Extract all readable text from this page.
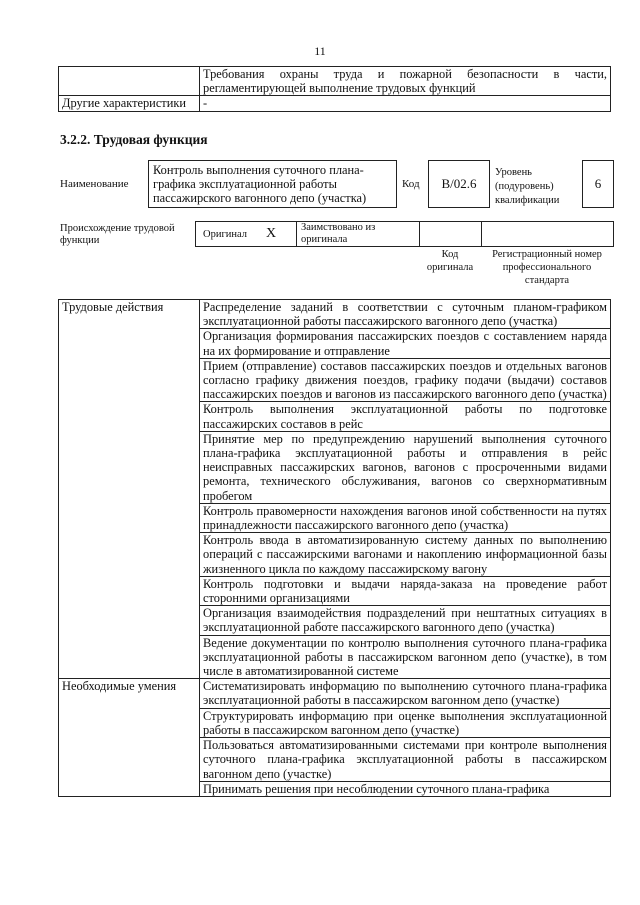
11
	Требования охраны труда и пожарной безопасности в части, регламентирующей выполнение трудовых функций
Другие характеристики	-
3.2.2. Трудовая функция
Наименование
Контроль выполнения суточного плана-графика эксплуатационной работы пассажирского вагонного депо (участка)
Код	B/02.6
Уровень (подуровень) квалификации
6
Происхождение трудовой функции
Оригинал X Заимствовано из оригинала
Код оригинала
Регистрационный номер профессионального стандарта
Трудовые действия	Распределение заданий в соответствии с суточным планом-графиком эксплуатационной работы пассажирского вагонного депо (участка)
	Организация формирования пассажирских поездов с составлением наряда на их формирование и отправление
	Прием (отправление) составов пассажирских поездов и отдельных вагонов согласно графику движения поездов, графику подачи (выдачи) составов пассажирских поездов и вагонов из пассажирского вагонного депо (участка)
	Контроль выполнения эксплуатационной работы по подготовке пассажирских составов в рейс
	Принятие мер по предупреждению нарушений выполнения суточного плана-графика эксплуатационной работы и отправления в рейс неисправных пассажирских вагонов, вагонов с просроченными видами ремонта, технического обслуживания, вагонов со сверхнормативным пробегом
	Контроль правомерности нахождения вагонов иной собственности на путях принадлежности пассажирского вагонного депо (участка)
	Контроль ввода в автоматизированную систему данных по выполнению операций с пассажирскими вагонами и накоплению информационной базы жизненного цикла по каждому пассажирскому вагону
	Контроль подготовки и выдачи наряда-заказа на проведение работ сторонними организациями
	Организация взаимодействия подразделений при нештатных ситуациях в эксплуатационной работе пассажирского вагонного депо (участка)
	Ведение документации по контролю выполнения суточного плана-графика эксплуатационной работы в пассажирском вагонном депо (участке), в том числе в автоматизированной системе
Необходимые умения	Систематизировать информацию по выполнению суточного плана-графика эксплуатационной работы в пассажирском вагонном депо (участке)
	Структурировать информацию при оценке выполнения эксплуатационной работы в пассажирском вагонном депо (участке)
	Пользоваться автоматизированными системами при контроле выполнения суточного плана-графика эксплуатационной работы в пассажирском вагонном депо (участке)
	Принимать решения при несоблюдении суточного плана-графика
